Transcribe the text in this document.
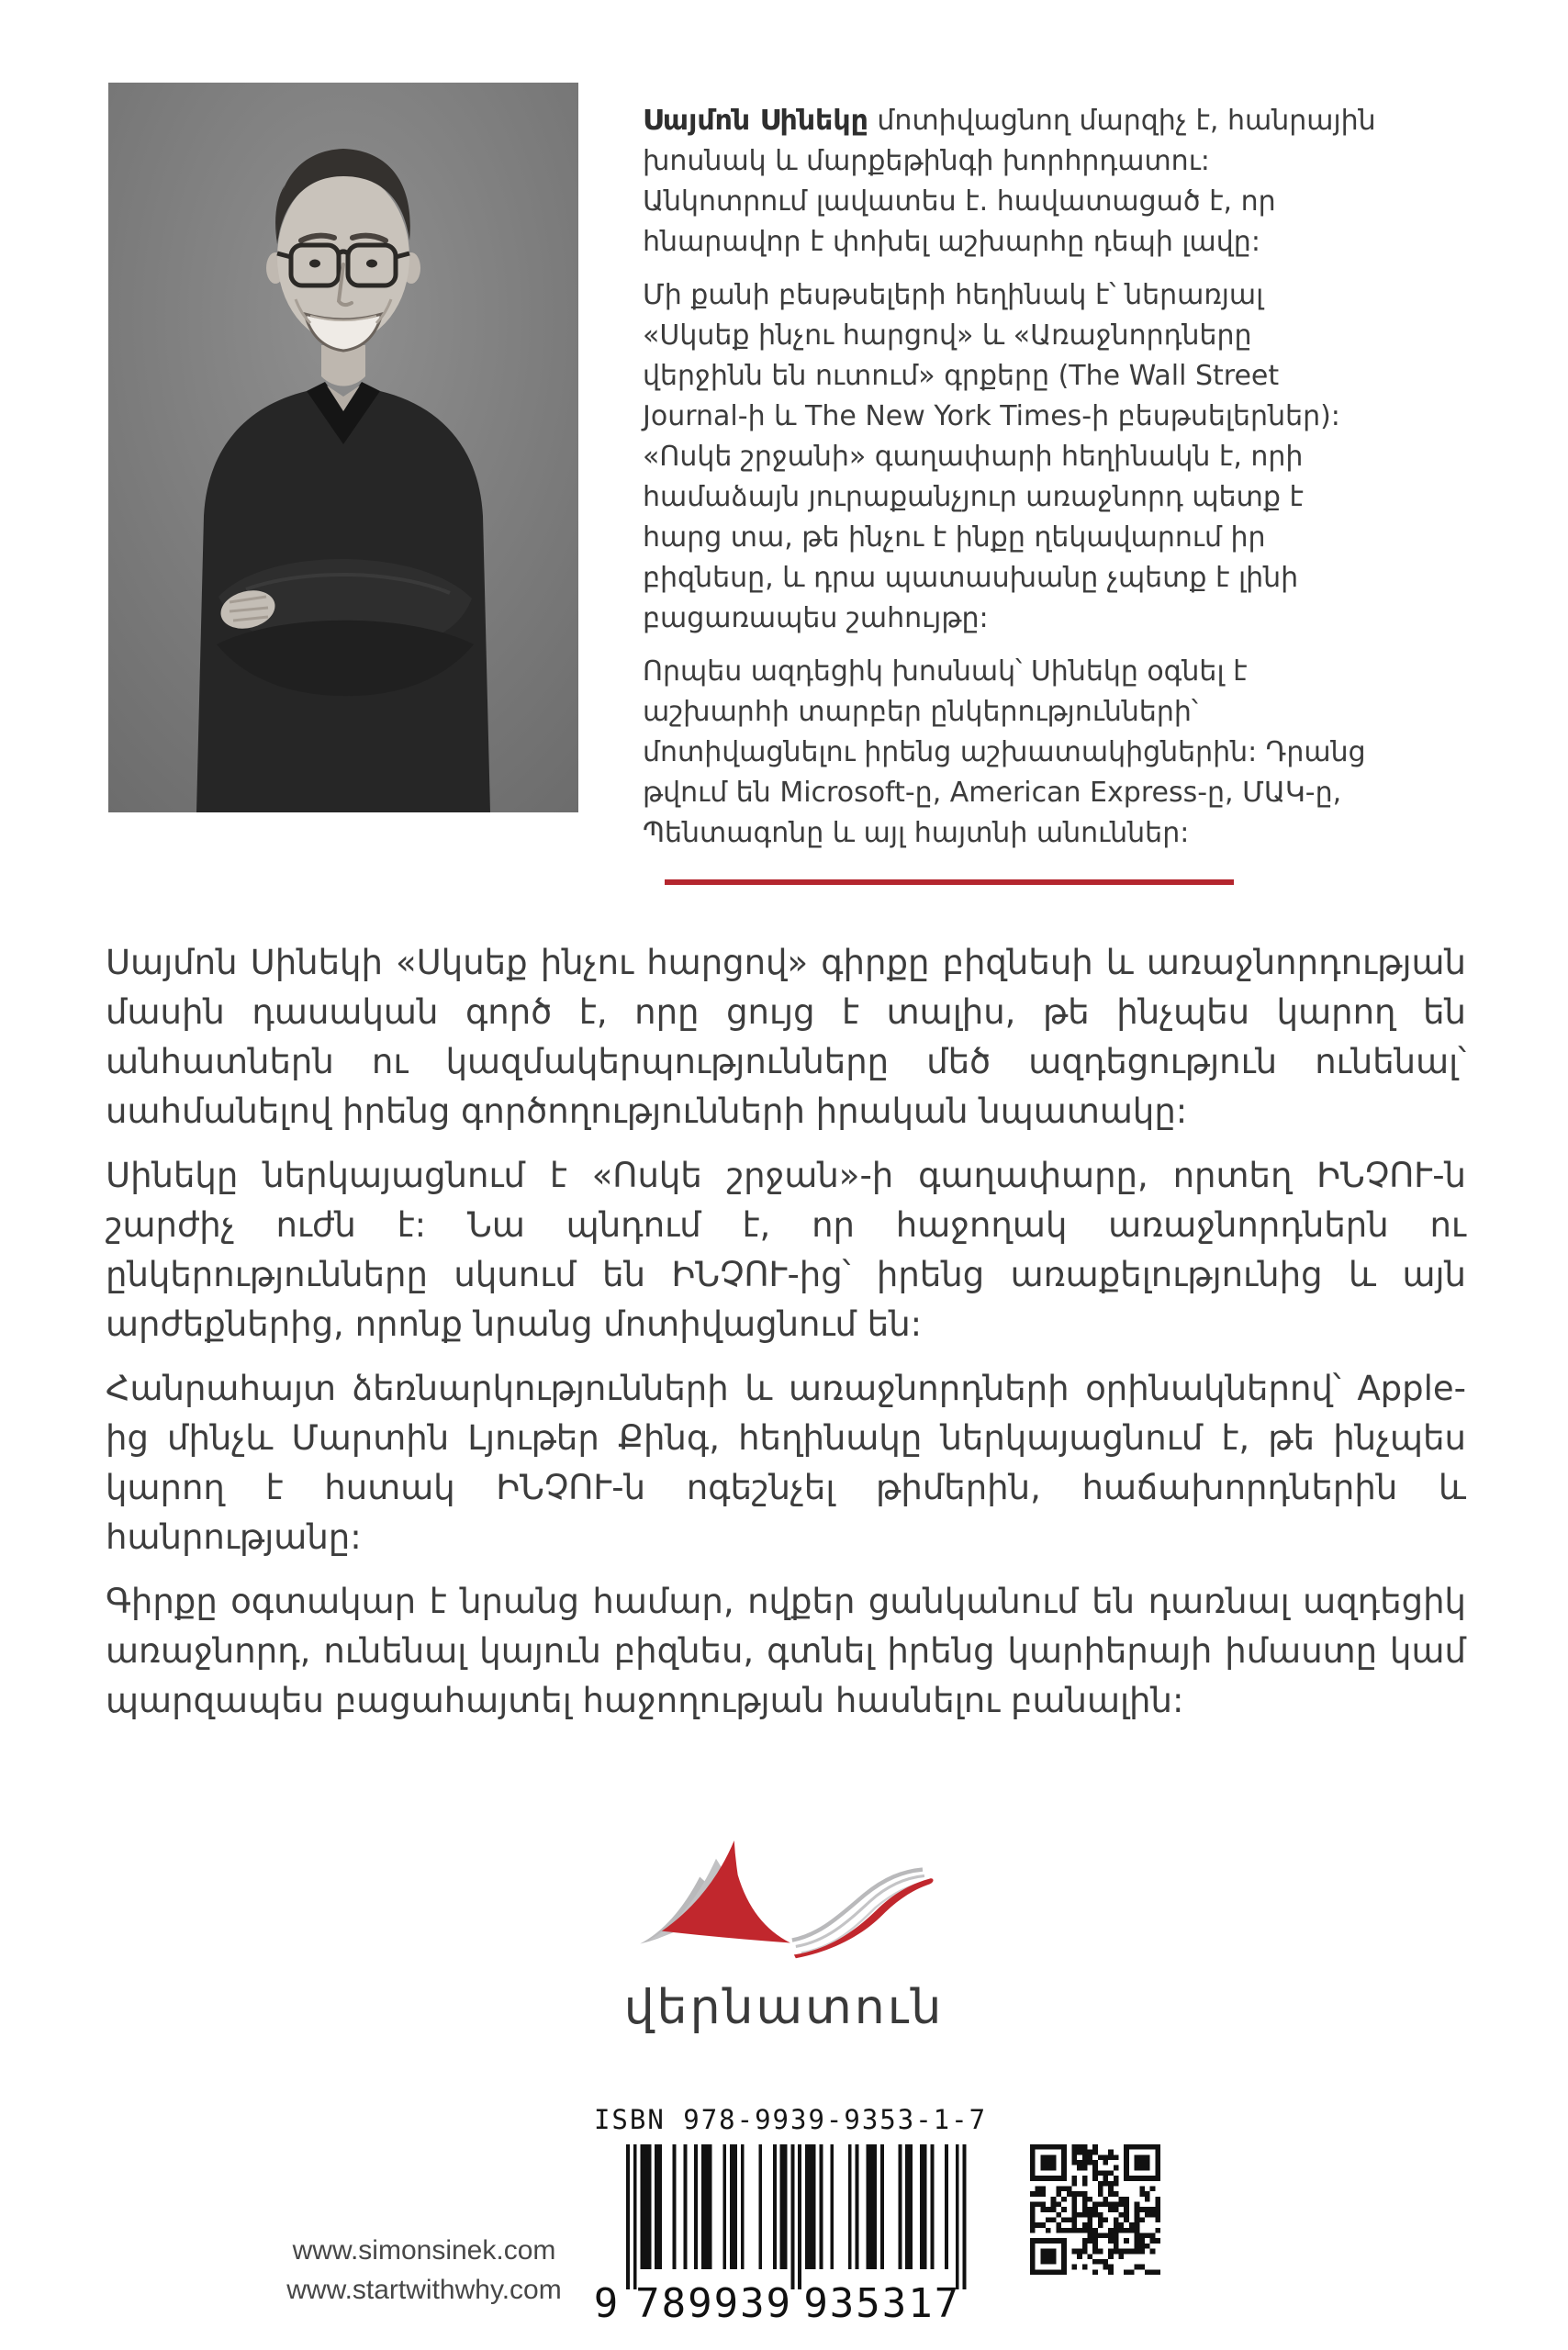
Սայմոն Սինեկը մոտիվացնող մարզիչ է, հանրային խոսնակ և մարքեթինգի խորհրդատու: Անկոտրում լավատես է. հավատացած է, որ հնարավոր է փոխել աշխարհը դեպի լավը:

Մի քանի բեսթսելերի հեղինակ է՝ ներառյալ «Սկսեք ինչու հարցով» և «Առաջնորդները վերջինն են ուտում» գրքերը (The Wall Street Journal-ի և The New York Times-ի բեսթսելերներ): «Ոսկե շրջանի» գաղափարի հեղինակն է, որի համաձայն յուրաքանչյուր առաջնորդ պետք է հարց տա, թե ինչու է ինքը ղեկավարում իր բիզնեսը, և դրա պատասխանը չպետք է լինի բացառապես շահույթը:

Որպես ազդեցիկ խոսնակ՝ Սինեկը օգնել է աշխարհի տարբեր ընկերությունների՝ մոտիվացնելու իրենց աշխատակիցներին: Դրանց թվում են Microsoft-ը, American Express-ը, ՄԱԿ-ը, Պենտագոնը և այլ հայտնի անուններ:

Սայմոն Սինեկի «Սկսեք ինչու հարցով» գիրքը բիզնեսի և առաջնորդության մասին դասական գործ է, որը ցույց է տալիս, թե ինչպես կարող են անհատներն ու կազմակերպությունները մեծ ազդեցություն ունենալ՝ սահմանելով իրենց գործողությունների իրական նպատակը:

Սինեկը ներկայացնում է «Ոսկե շրջան»-ի գաղափարը, որտեղ ԻՆՉՈՒ-ն շարժիչ ուժն է: Նա պնդում է, որ հաջողակ առաջնորդներն ու ընկերությունները սկսում են ԻՆՉՈՒ-ից՝ իրենց առաքելությունից և այն արժեքներից, որոնք նրանց մոտիվացնում են:

Հանրահայտ ձեռնարկությունների և առաջնորդների օրինակներով՝ Apple-ից մինչև Մարտին Լյութեր Քինգ, հեղինակը ներկայացնում է, թե ինչպես կարող է հստակ ԻՆՉՈՒ-ն ոգեշնչել թիմերին, հաճախորդներին և հանրությանը:

Գիրքը օգտակար է նրանց համար, ովքեր ցանկանում են դառնալ ազդեցիկ առաջնորդ, ունենալ կայուն բիզնես, գտնել իրենց կարիերայի իմաստը կամ պարզապես բացահայտել հաջողության հասնելու բանալին:

վերնատուն
www.simonsinek.com
www.startwithwhy.com
ISBN 978-9939-9353-1-7
9 789939 935317
